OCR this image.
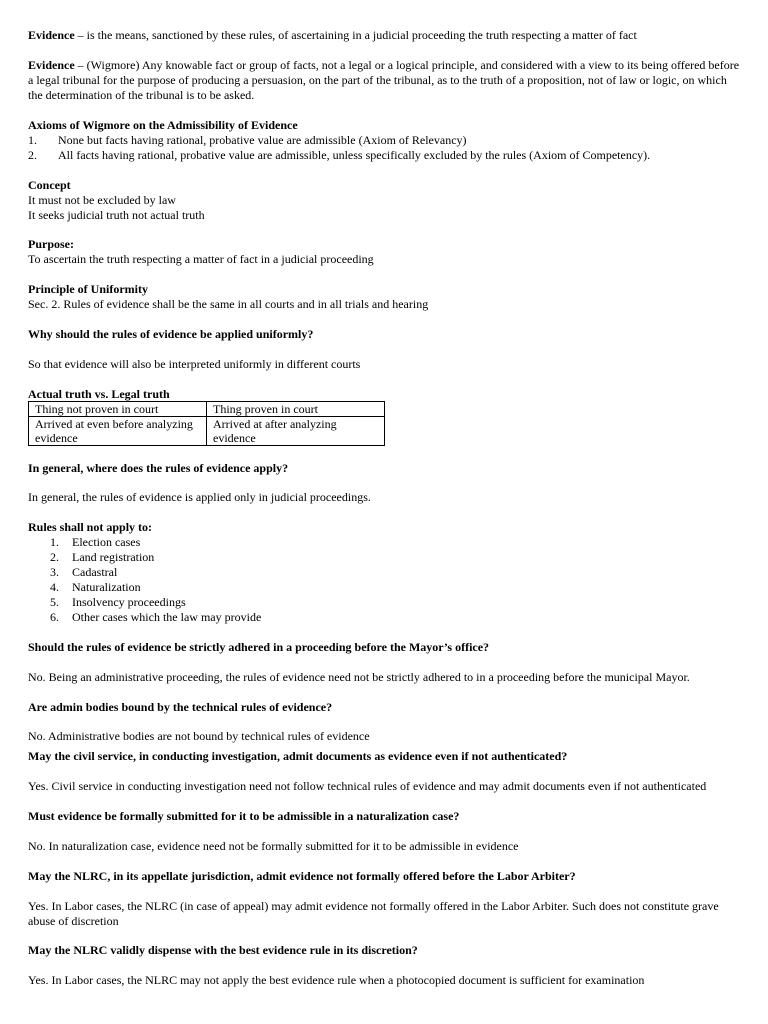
Evidence – is the means, sanctioned by these rules, of ascertaining in a judicial proceeding the truth respecting a matter of fact
Evidence – (Wigmore) Any knowable fact or group of facts, not a legal or a logical principle, and considered with a view to its being offered before a legal tribunal for the purpose of producing a persuasion, on the part of the tribunal, as to the truth of a proposition, not of law or logic, on which the determination of the tribunal is to be asked.
Axioms of Wigmore on the Admissibility of Evidence
1.	None but facts having rational, probative value are admissible (Axiom of Relevancy)
2.	All facts having rational, probative value are admissible, unless specifically excluded by the rules (Axiom of Competency).
Concept
It must not be excluded by law
It seeks judicial truth not actual truth
Purpose:
To ascertain the truth respecting a matter of fact in a judicial proceeding
Principle of Uniformity
Sec. 2. Rules of evidence shall be the same in all courts and in all trials and hearing
Why should the rules of evidence be applied uniformly?
So that evidence will also be interpreted uniformly in different courts
Actual truth vs. Legal truth
Thing not proven in court	Thing proven in court
Arrived at even before analyzing evidence	Arrived at after analyzing evidence
In general, where does the rules of evidence apply?
In general, the rules of evidence is applied only in judicial proceedings.
Rules shall not apply to:
1.	Election cases
2.	Land registration
3.	Cadastral
4.	Naturalization
5.	Insolvency proceedings
6.	Other cases which the law may provide
Should the rules of evidence be strictly adhered in a proceeding before the Mayor’s office?
No. Being an administrative proceeding, the rules of evidence need not be strictly adhered to in a proceeding before the municipal Mayor.
Are admin bodies bound by the technical rules of evidence?
No. Administrative bodies are not bound by technical rules of evidence
May the civil service, in conducting investigation, admit documents as evidence even if not authenticated?
Yes. Civil service in conducting investigation need not follow technical rules of evidence and may admit documents even if not authenticated
Must evidence be formally submitted for it to be admissible in a naturalization case?
No. In naturalization case, evidence need not be formally submitted for it to be admissible in evidence
May the NLRC, in its appellate jurisdiction, admit evidence not formally offered before the Labor Arbiter?
Yes. In Labor cases, the NLRC (in case of appeal) may admit evidence not formally offered in the Labor Arbiter. Such does not constitute grave abuse of discretion
May the NLRC validly dispense with the best evidence rule in its discretion?
Yes. In Labor cases, the NLRC may not apply the best evidence rule when a photocopied document is sufficient for examination
